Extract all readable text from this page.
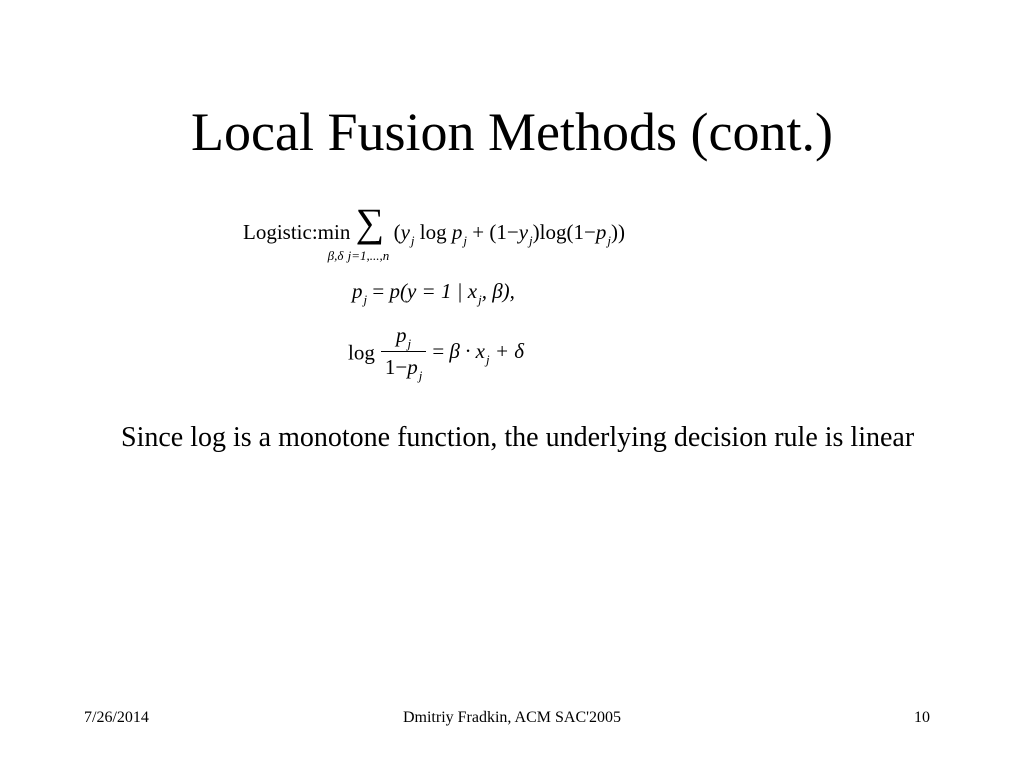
Local Fusion Methods (cont.)
Logistic:min
β,δ

∑
j=1,...,n
($y_j$ $\log p_j + (1-y_j)\log(1-p_j)$)
$p_j = p(y = 1$ | $x_j$, β),
$\log \frac{p_j}{1-p_j} = \beta \cdot x_j + \delta$
Since log is a monotone function, the underlying decision rule is linear
7/26/2014	Dmitriy Fradkin, ACM SAC'2005	10
